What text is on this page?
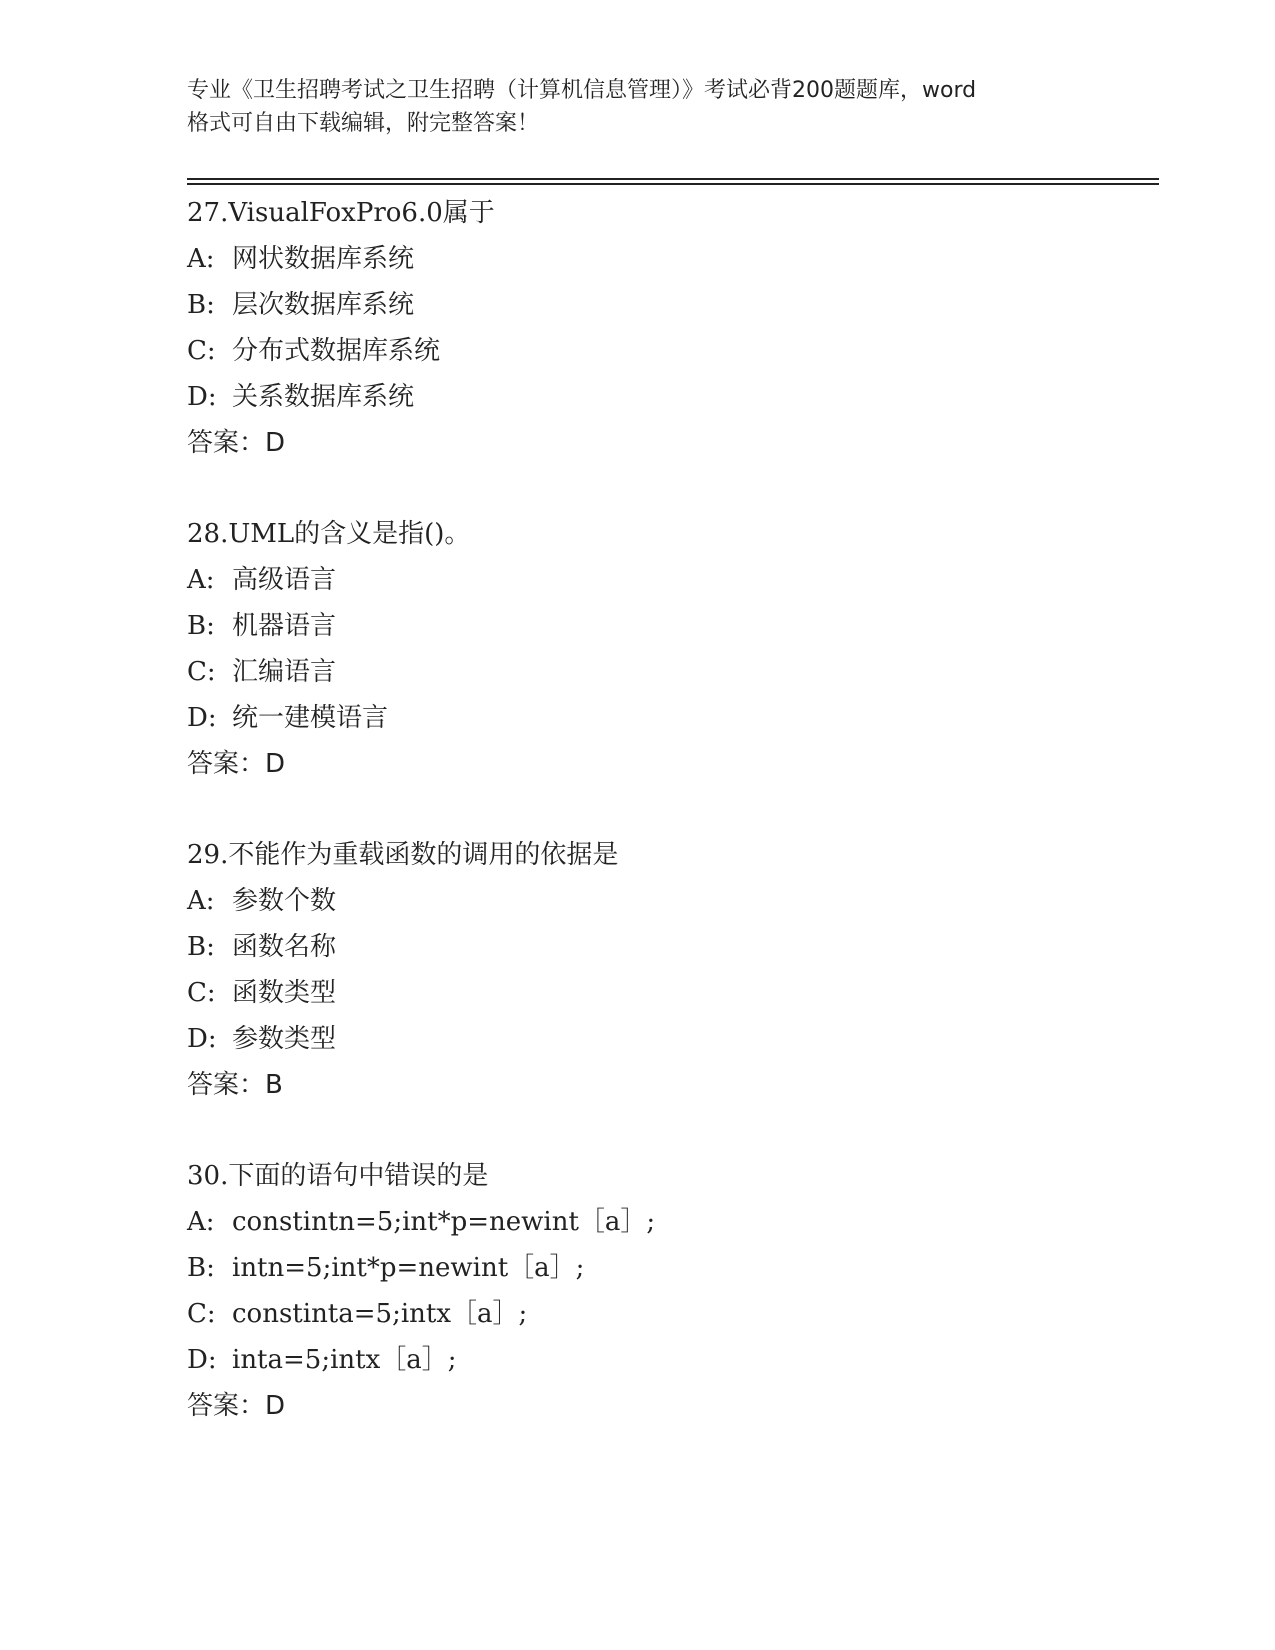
专业《卫生招聘考试之卫生招聘（计算机信息管理）》考试必背200题题库，word
格式可自由下载编辑，附完整答案！
27.VisualFoxPro6.0属于
A: 网状数据库系统
B: 层次数据库系统
C: 分布式数据库系统
D: 关系数据库系统
答案：D
28.UML的含义是指()。
A: 高级语言
B: 机器语言
C: 汇编语言
D: 统一建模语言
答案：D
29.不能作为重载函数的调用的依据是
A: 参数个数
B: 函数名称
C: 函数类型
D: 参数类型
答案：B
30.下面的语句中错误的是
A: constintn=5;int*p=newint［a］;
B: intn=5;int*p=newint［a］;
C: constinta=5;intx［a］;
D: inta=5;intx［a］;
答案：D
